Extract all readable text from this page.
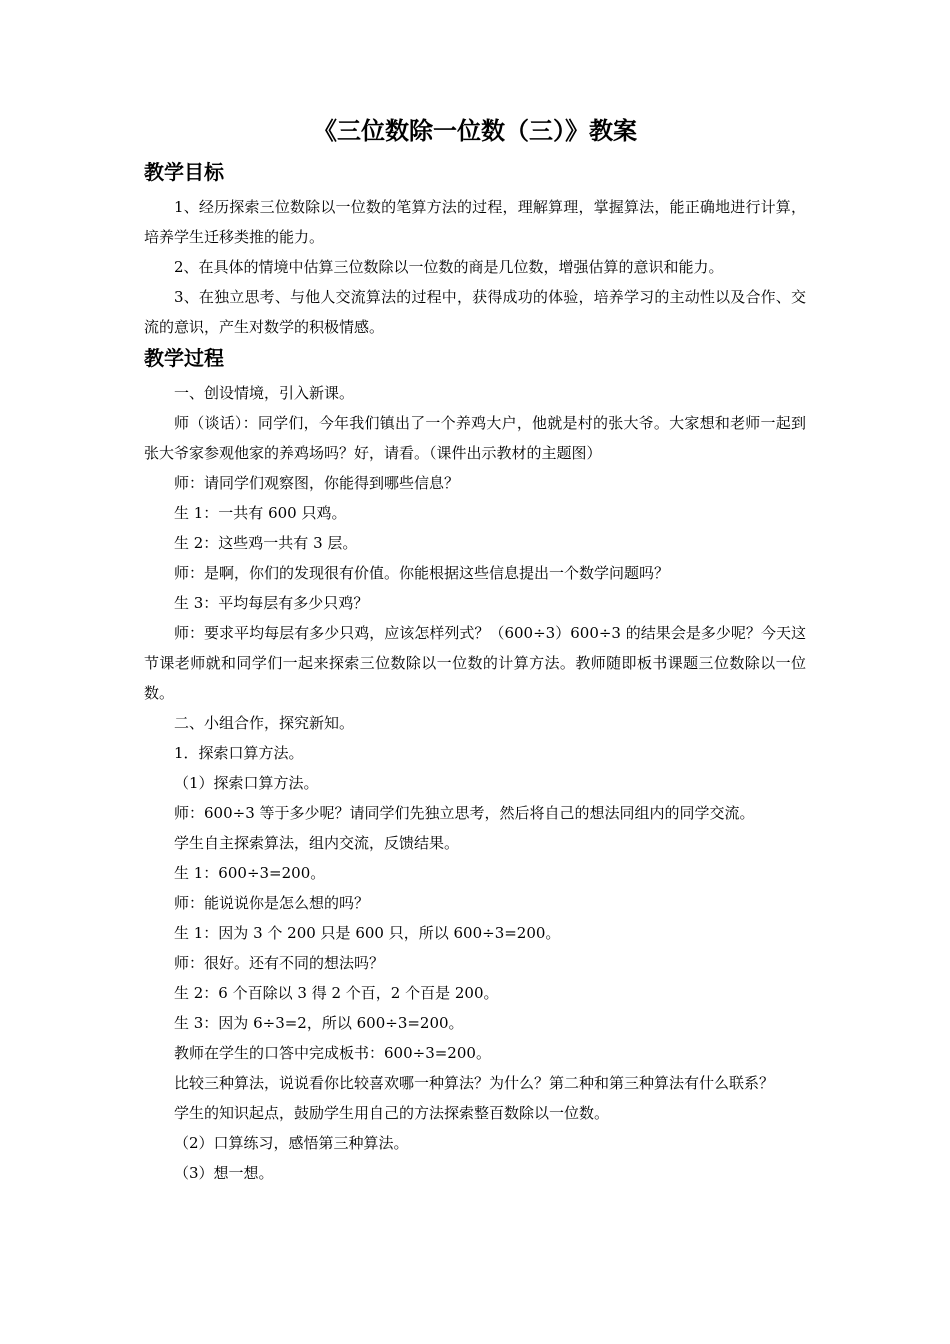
《三位数除一位数（三）》教案
教学目标

1、经历探索三位数除以一位数的笔算方法的过程，理解算理，掌握算法，能正确地进行计算，培养学生迁移类推的能力。

2、在具体的情境中估算三位数除以一位数的商是几位数，增强估算的意识和能力。

3、在独立思考、与他人交流算法的过程中，获得成功的体验，培养学习的主动性以及合作、交流的意识，产生对数学的积极情感。

教学过程

一、创设情境，引入新课。

师（谈话）：同学们，今年我们镇出了一个养鸡大户，他就是村的张大爷。大家想和老师一起到张大爷家参观他家的养鸡场吗？好，请看。（课件出示教材的主题图）

师：请同学们观察图，你能得到哪些信息？

生 1：一共有 600 只鸡。

生 2：这些鸡一共有 3 层。

师：是啊，你们的发现很有价值。你能根据这些信息提出一个数学问题吗？

生 3：平均每层有多少只鸡？

师：要求平均每层有多少只鸡，应该怎样列式？（600÷3）600÷3 的结果会是多少呢？今天这节课老师就和同学们一起来探索三位数除以一位数的计算方法。教师随即板书课题三位数除以一位数。

二、小组合作，探究新知。

1．探索口算方法。

（1）探索口算方法。

师：600÷3 等于多少呢？请同学们先独立思考，然后将自己的想法同组内的同学交流。

学生自主探索算法，组内交流，反馈结果。

生 1：600÷3=200。

师：能说说你是怎么想的吗？

生 1：因为 3 个 200 只是 600 只，所以 600÷3=200。

师：很好。还有不同的想法吗？

生 2：6 个百除以 3 得 2 个百，2 个百是 200。

生 3：因为 6÷3=2，所以 600÷3=200。

教师在学生的口答中完成板书：600÷3=200。

比较三种算法，说说看你比较喜欢哪一种算法？为什么？第二种和第三种算法有什么联系？

学生的知识起点，鼓励学生用自己的方法探索整百数除以一位数。

（2）口算练习，感悟第三种算法。

（3）想一想。
